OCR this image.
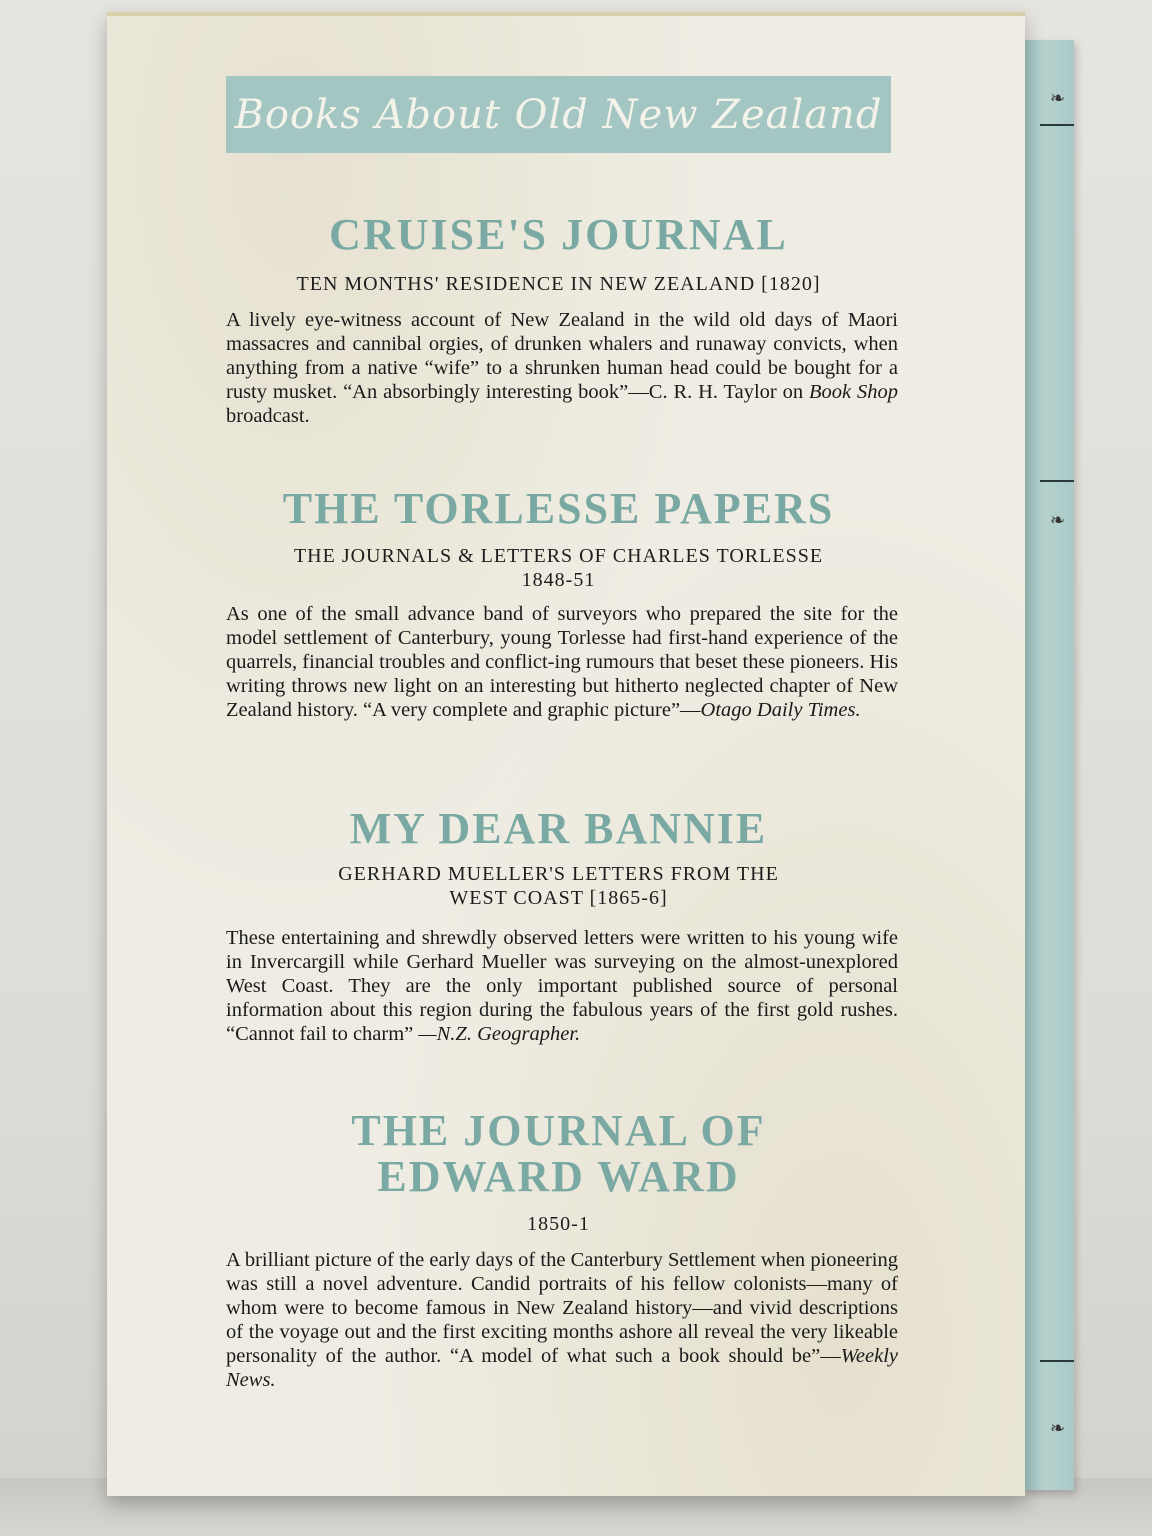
❧
❧
❧
Books About Old New Zealand
CRUISE'S JOURNAL

TEN MONTHS' RESIDENCE IN NEW ZEALAND [1820]

A lively eye-witness account of New Zealand in the wild old days of Maori massacres and cannibal orgies, of drunken whalers and runaway convicts, when anything from a native “wife” to a shrunken human head could be bought for a rusty musket. “An absorbingly interesting book”—C. R. H. Taylor on Book Shop broadcast.

THE TORLESSE PAPERS

THE JOURNALS & LETTERS OF CHARLES TORLESSE

1848-51

As one of the small advance band of surveyors who prepared the site for the model settlement of Canterbury, young Torlesse had first-hand experience of the quarrels, financial troubles and conflict-ing rumours that beset these pioneers. His writing throws new light on an interesting but hitherto neglected chapter of New Zealand history. “A very complete and graphic picture”—Otago Daily Times.

MY DEAR BANNIE

GERHARD MUELLER'S LETTERS FROM THE

WEST COAST [1865-6]

These entertaining and shrewdly observed letters were written to his young wife in Invercargill while Gerhard Mueller was surveying on the almost-unexplored West Coast. They are the only important published source of personal information about this region during the fabulous years of the first gold rushes. “Cannot fail to charm” —N.Z. Geographer.

THE JOURNAL OF
EDWARD WARD

1850-1

A brilliant picture of the early days of the Canterbury Settlement when pioneering was still a novel adventure. Candid portraits of his fellow colonists—many of whom were to become famous in New Zealand history—and vivid descriptions of the voyage out and the first exciting months ashore all reveal the very likeable personality of the author. “A model of what such a book should be”—Weekly News.
